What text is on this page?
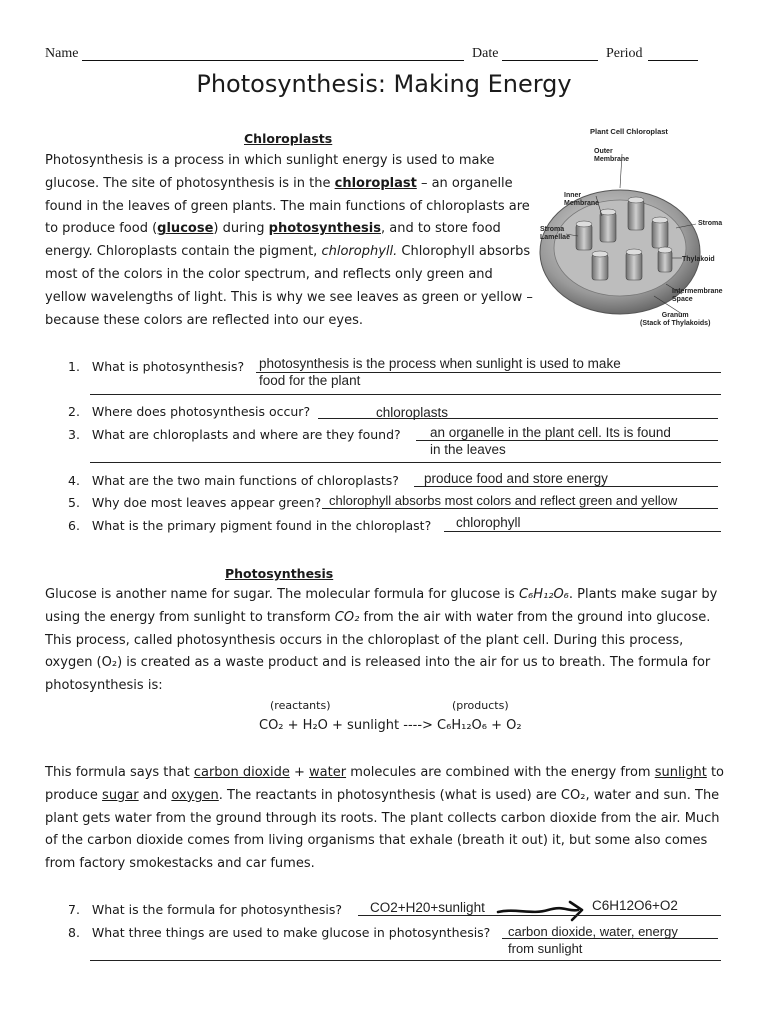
Name	Date	Period
Photosynthesis: Making Energy
Chloroplasts
Photosynthesis is a process in which sunlight energy is used to make
glucose. The site of photosynthesis is in the chloroplast – an organelle
found in the leaves of green plants. The main functions of chloroplasts are
to produce food (glucose) during photosynthesis, and to store food
energy. Chloroplasts contain the pigment, chlorophyll. Chlorophyll absorbs
most of the colors in the color spectrum, and reflects only green and
yellow wavelengths of light. This is why we see leaves as green or yellow –
because these colors are reflected into our eyes.
Plant Cell Chloroplast
Outer
Membrane
Inner
Membrane
Stroma
Lamellae
Stroma
Thylakoid
Intermembrane
Space
Granum
(Stack of Thylakoids)
1. What is photosynthesis? photosynthesis is the process when sunlight is used to make
food for the plant
2. Where does photosynthesis occur?	chloroplasts
3. What are chloroplasts and where are they found? an organelle in the plant cell. Its is found
in the leaves
4. What are the two main functions of chloroplasts? produce food and store energy
5. Why doe most leaves appear green? chlorophyll absorbs most colors and reflect green and yellow
6. What is the primary pigment found in the chloroplast? chlorophyll
Photosynthesis
Glucose is another name for sugar. The molecular formula for glucose is C₆H₁₂O₆. Plants make sugar by
using the energy from sunlight to transform CO₂ from the air with water from the ground into glucose.
This process, called photosynthesis occurs in the chloroplast of the plant cell. During this process,
oxygen (O₂) is created as a waste product and is released into the air for us to breath. The formula for
photosynthesis is:
(reactants)	(products)
CO₂ + H₂O + sunlight ----> C₆H₁₂O₆ + O₂
This formula says that carbon dioxide + water molecules are combined with the energy from sunlight to
produce sugar and oxygen. The reactants in photosynthesis (what is used) are CO₂, water and sun. The
plant gets water from the ground through its roots. The plant collects carbon dioxide from the air. Much
of the carbon dioxide comes from living organisms that exhale (breath it out) it, but some also comes
from factory smokestacks and car fumes.
7. What is the formula for photosynthesis? CO2+H20+sunlight	C6H12O6+O2
8. What three things are used to make glucose in photosynthesis? carbon dioxide, water, energy
from sunlight
